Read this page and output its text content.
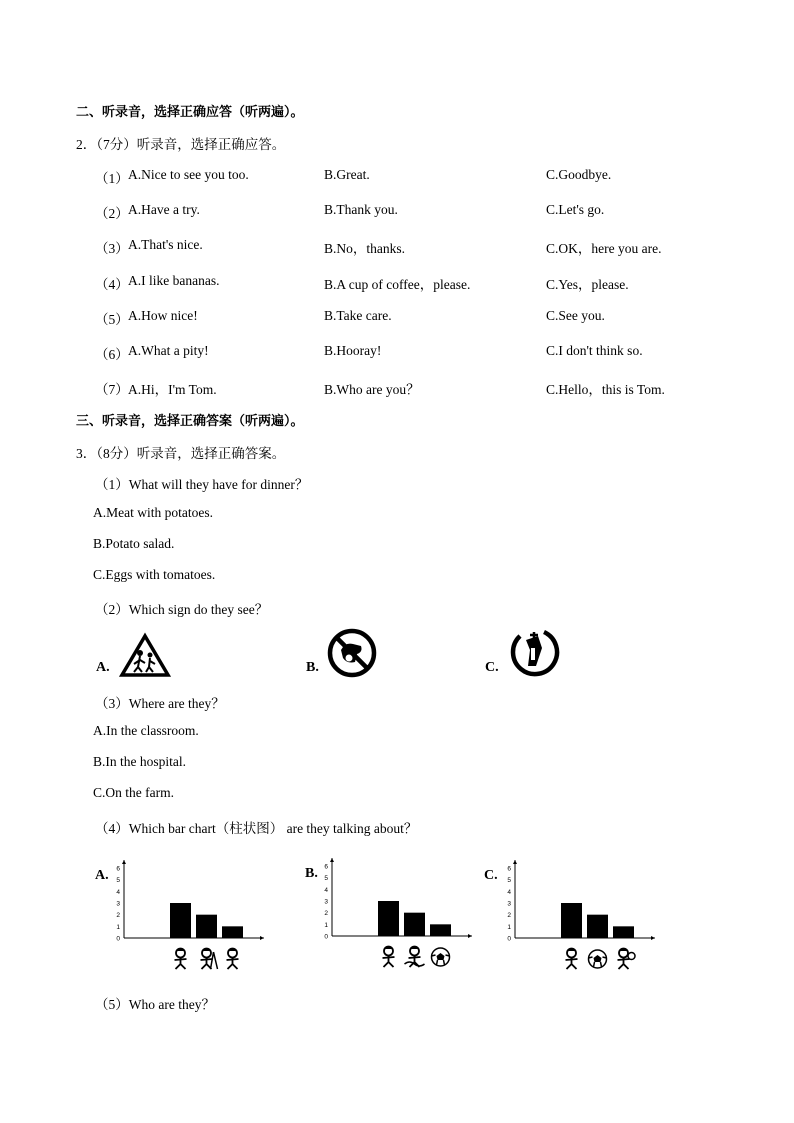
二、听录音，选择正确应答（听两遍）。
2．（7分）听录音，选择正确应答。
（1） A.Nice to see you too.	B.Great.	C.Goodbye.
（2） A.Have a try.	B.Thank you.	C.Let's go.
（3） A.That's nice.	B.No，thanks.	C.OK，here you are.
（4） A.I like bananas.	B.A cup of coffee，please.	C.Yes，please.
（5） A.How nice!	B.Take care.	C.See you.
（6） A.What a pity!	B.Hooray!	C.I don't think so.
（7） A.Hi，I'm Tom.	B.Who are you？	C.Hello，this is Tom.
三、听录音，选择正确答案（听两遍）。
3．（8分）听录音，选择正确答案。
（1）What will they have for dinner？
A.Meat with potatoes.
B.Potato salad.
C.Eggs with tomatoes.
（2）Which sign do they see？
A.	B.	C.
（3）Where are they？
A.In the classroom.
B.In the hospital.
C.On the farm.
（4）Which bar chart（柱状图） are they talking about？
A.	B.	C.
0
1
2
3
4
5
6
0
1
2
3
4
5
6
0
1
2
3
4
5
6
（5）Who are they？
